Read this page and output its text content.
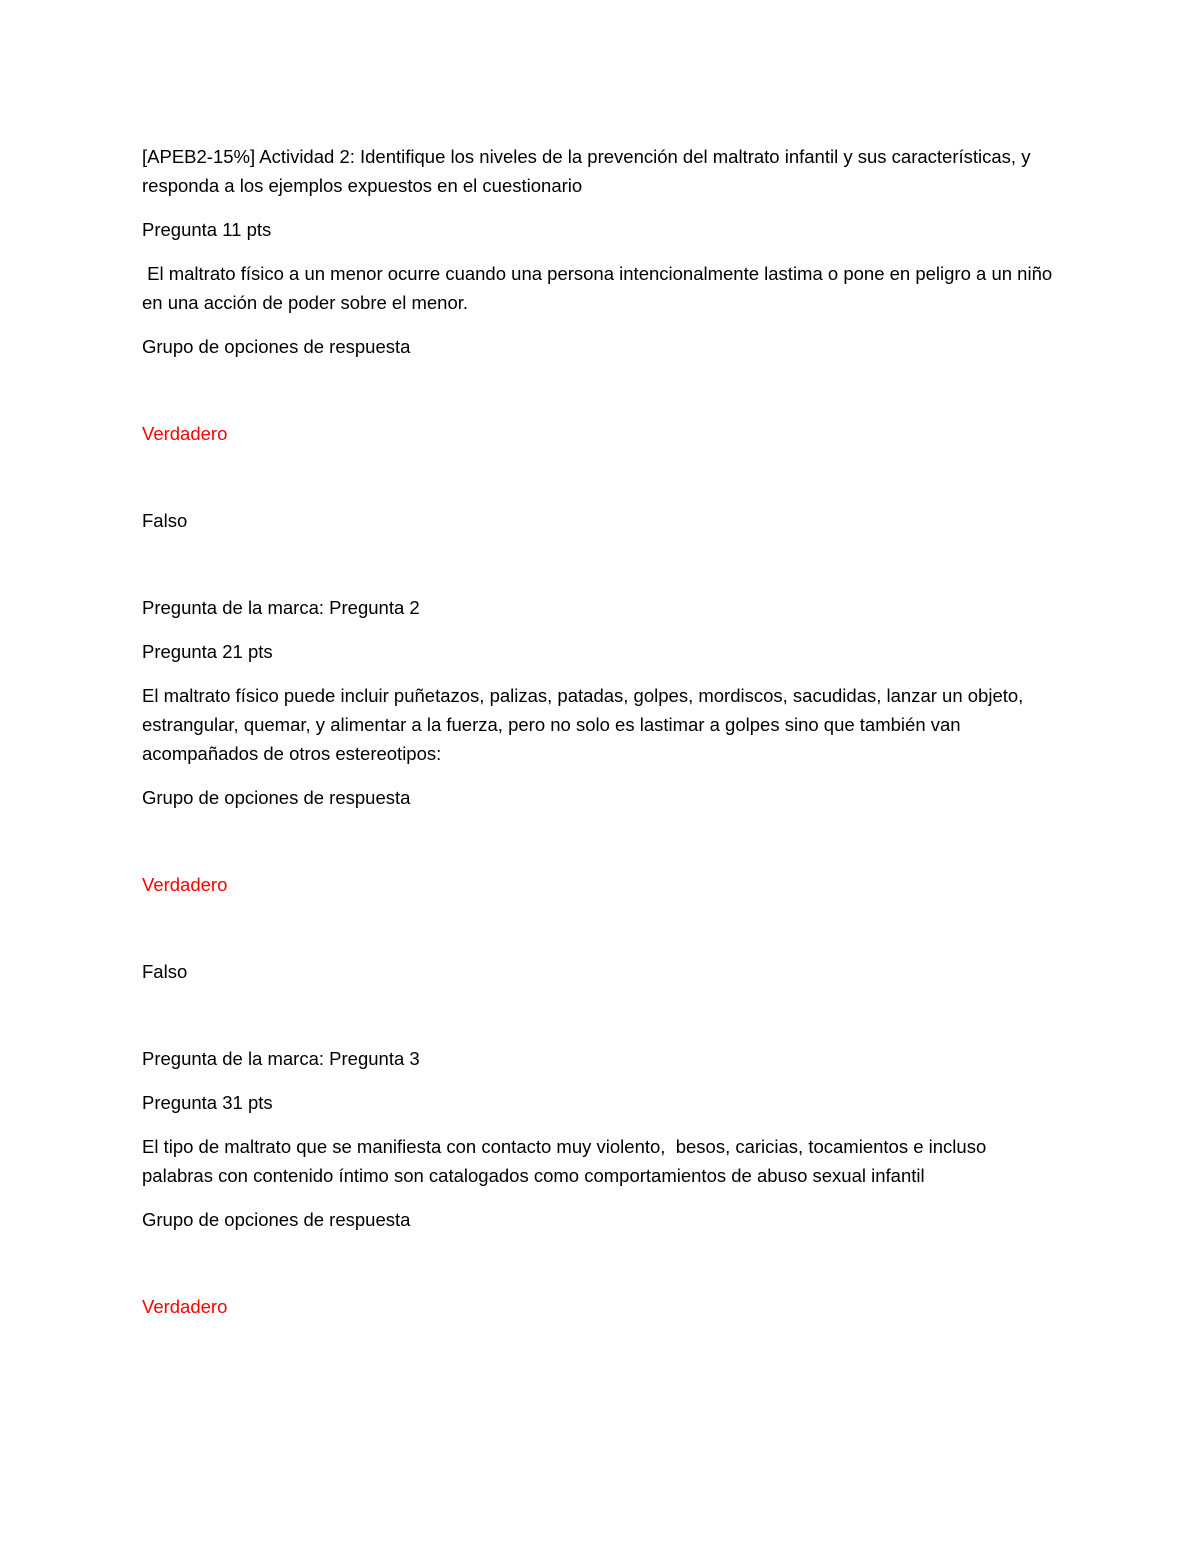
[APEB2-15%] Actividad 2: Identifique los niveles de la prevención del maltrato infantil y sus características, y responda a los ejemplos expuestos en el cuestionario

Pregunta 11 pts

El maltrato físico a un menor ocurre cuando una persona intencionalmente lastima o pone en peligro a un niño en una acción de poder sobre el menor.

Grupo de opciones de respuesta

Verdadero

Falso

Pregunta de la marca: Pregunta 2

Pregunta 21 pts

El maltrato físico puede incluir puñetazos, palizas, patadas, golpes, mordiscos, sacudidas, lanzar un objeto, estrangular, quemar, y alimentar a la fuerza, pero no solo es lastimar a golpes sino que también van acompañados de otros estereotipos:

Grupo de opciones de respuesta

Verdadero

Falso

Pregunta de la marca: Pregunta 3

Pregunta 31 pts

El tipo de maltrato que se manifiesta con contacto muy violento,  besos, caricias, tocamientos e incluso palabras con contenido íntimo son catalogados como comportamientos de abuso sexual infantil

Grupo de opciones de respuesta

Verdadero
